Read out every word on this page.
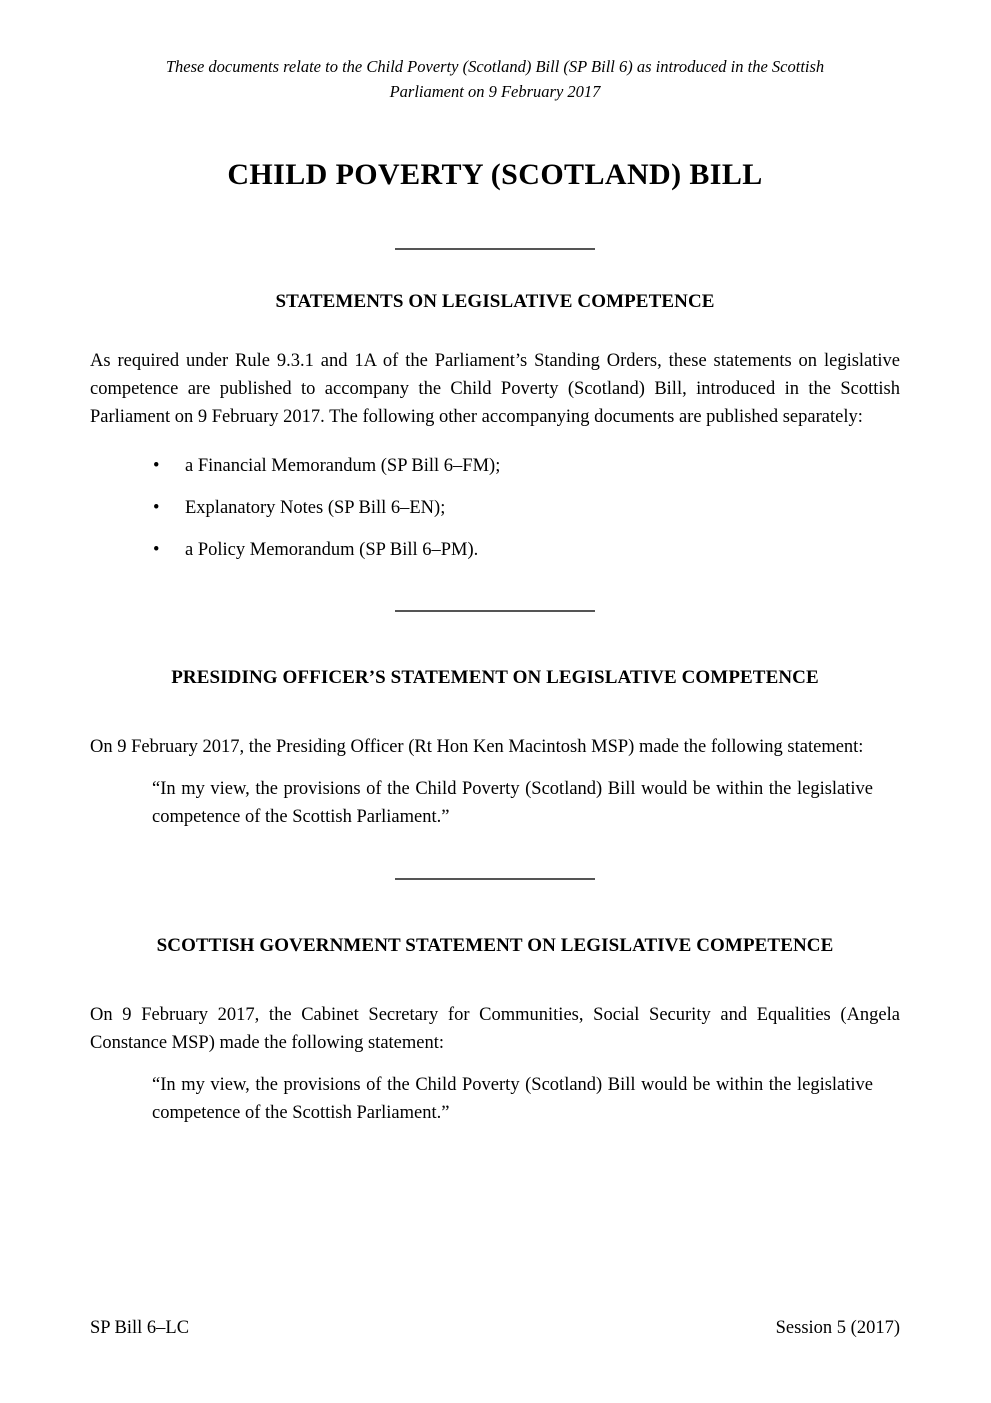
These documents relate to the Child Poverty (Scotland) Bill (SP Bill 6) as introduced in the Scottish Parliament on 9 February 2017

CHILD POVERTY (SCOTLAND) BILL
STATEMENTS ON LEGISLATIVE COMPETENCE

As required under Rule 9.3.1 and 1A of the Parliament’s Standing Orders, these statements on legislative competence are published to accompany the Child Poverty (Scotland) Bill, introduced in the Scottish Parliament on 9 February 2017. The following other accompanying documents are published separately:

• a Financial Memorandum (SP Bill 6–FM);
• Explanatory Notes (SP Bill 6–EN);
• a Policy Memorandum (SP Bill 6–PM).
PRESIDING OFFICER’S STATEMENT ON LEGISLATIVE COMPETENCE

On 9 February 2017, the Presiding Officer (Rt Hon Ken Macintosh MSP) made the following statement:

“In my view, the provisions of the Child Poverty (Scotland) Bill would be within the legislative competence of the Scottish Parliament.”
SCOTTISH GOVERNMENT STATEMENT ON LEGISLATIVE COMPETENCE

On 9 February 2017, the Cabinet Secretary for Communities, Social Security and Equalities (Angela Constance MSP) made the following statement:

“In my view, the provisions of the Child Poverty (Scotland) Bill would be within the legislative competence of the Scottish Parliament.”
SP Bill 6–LC	Session 5 (2017)
